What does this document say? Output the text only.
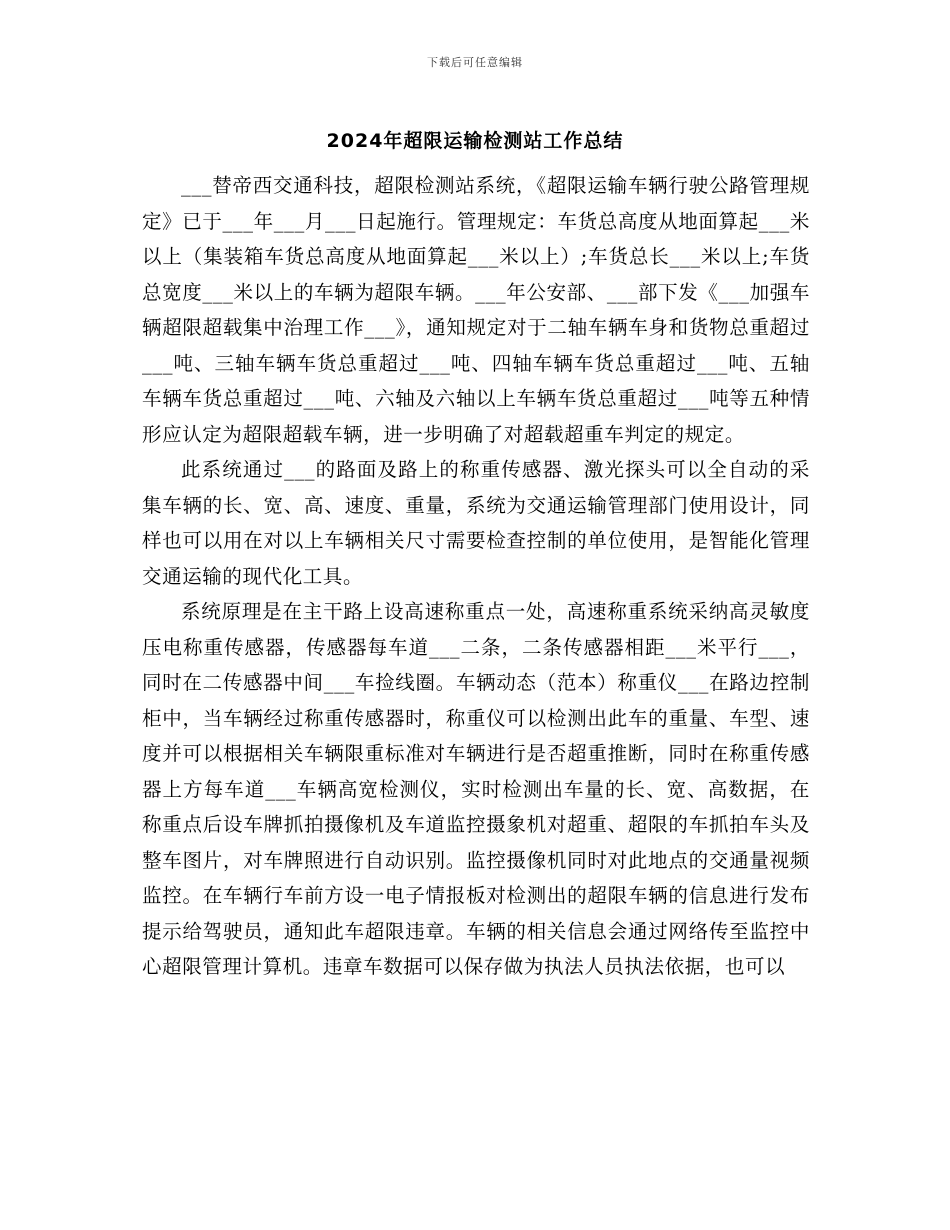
下载后可任意编辑
2024年超限运输检测站工作总结

___替帝西交通科技，超限检测站系统，《超限运输车辆行驶公路管理规定》已于___年___月___日起施行。管理规定：车货总高度从地面算起___米以上（集装箱车货总高度从地面算起___米以上）;车货总长___米以上;车货总宽度___米以上的车辆为超限车辆。___年公安部、___部下发《___加强车辆超限超载集中治理工作___》，通知规定对于二轴车辆车身和货物总重超过___吨、三轴车辆车货总重超过___吨、四轴车辆车货总重超过___吨、五轴车辆车货总重超过___吨、六轴及六轴以上车辆车货总重超过___吨等五种情形应认定为超限超载车辆，进一步明确了对超载超重车判定的规定。

此系统通过___的路面及路上的称重传感器、激光探头可以全自动的采集车辆的长、宽、高、速度、重量，系统为交通运输管理部门使用设计，同样也可以用在对以上车辆相关尺寸需要检查控制的单位使用，是智能化管理交通运输的现代化工具。

系统原理是在主干路上设高速称重点一处，高速称重系统采纳高灵敏度压电称重传感器，传感器每车道___二条，二条传感器相距___米平行___，同时在二传感器中间___车捡线圈。车辆动态（范本）称重仪___在路边控制柜中，当车辆经过称重传感器时，称重仪可以检测出此车的重量、车型、速度并可以根据相关车辆限重标准对车辆进行是否超重推断，同时在称重传感器上方每车道___车辆高宽检测仪，实时检测出车量的长、宽、高数据，在称重点后设车牌抓拍摄像机及车道监控摄象机对超重、超限的车抓拍车头及整车图片，对车牌照进行自动识别。监控摄像机同时对此地点的交通量视频监控。在车辆行车前方设一电子情报板对检测出的超限车辆的信息进行发布提示给驾驶员，通知此车超限违章。车辆的相关信息会通过网络传至监控中心超限管理计算机。违章车数据可以保存做为执法人员执法依据，也可以
